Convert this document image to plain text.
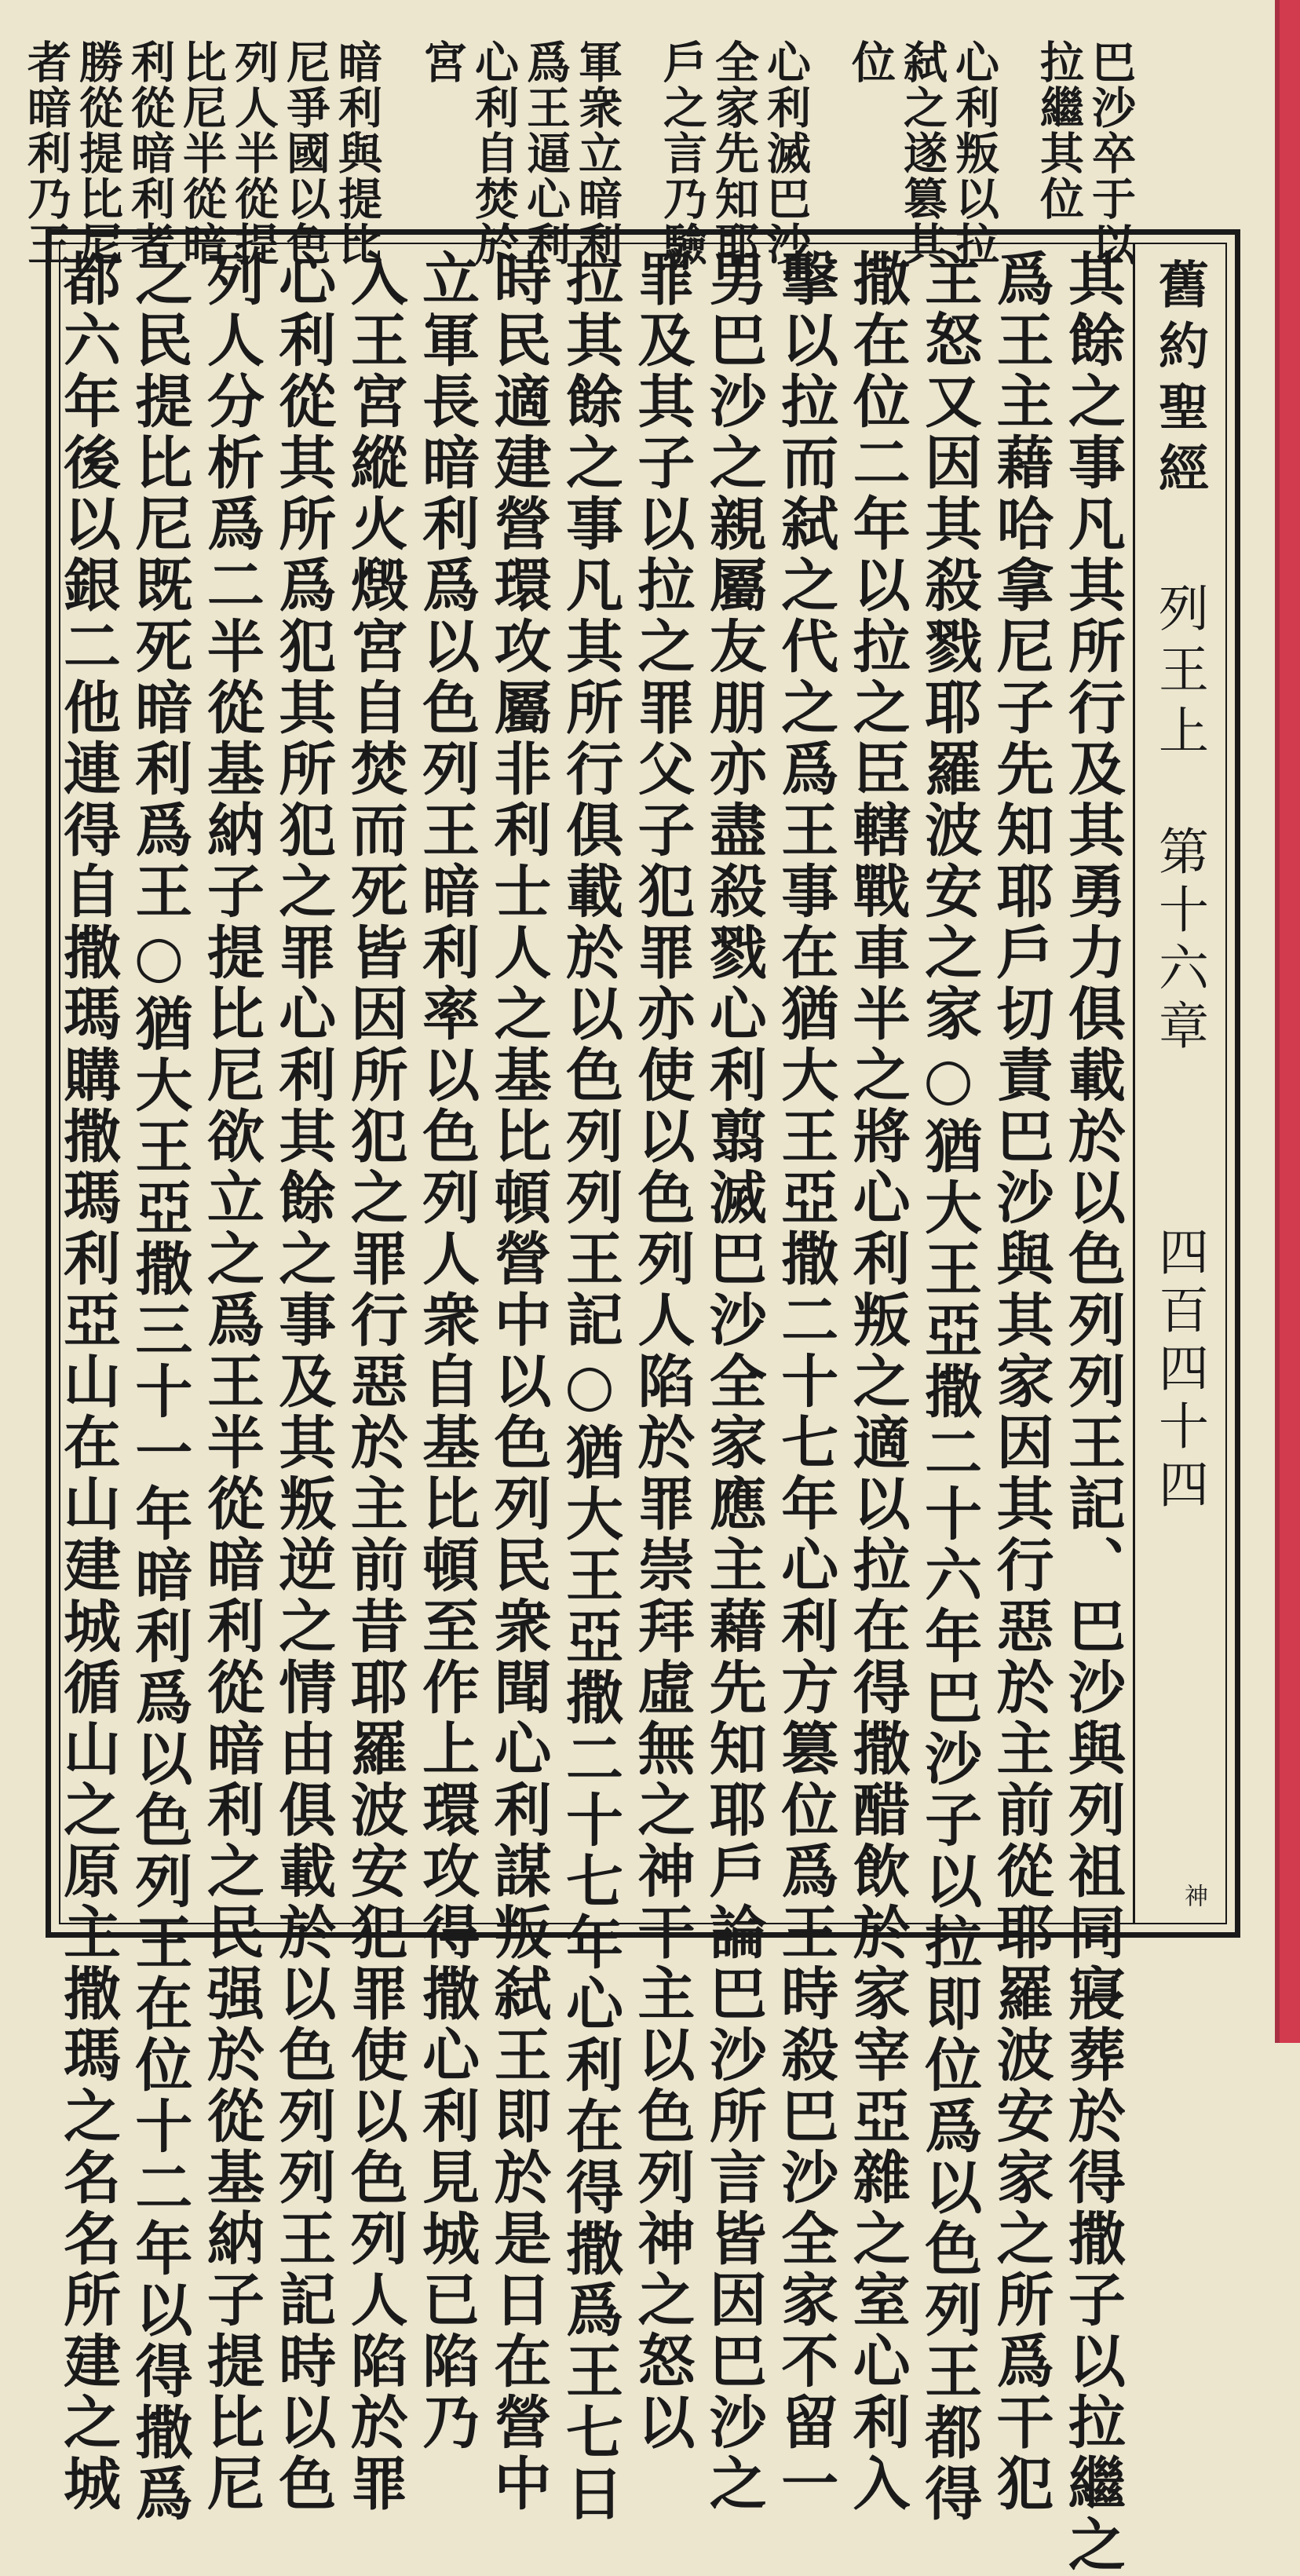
巴沙卒于以
拉繼其位
心利叛以拉
弑之遂篡其
位
心利滅巴沙
全家先知耶
戶之言乃驗
軍衆立暗利
爲王逼心利
心利自焚於
宮
暗利與提比
尼爭國以色
列人半從提
比尼半從暗
利從暗利者
勝從提比尼
者暗利乃王
舊約聖經
列王上
第十六章
四百四十四
神
其餘之事凡其所行及其勇力俱載於以色列列王記、巴沙與列祖同寢葬於得撒子以拉繼之
爲王主藉哈拿尼子先知耶戶切責巴沙與其家因其行惡於主前從耶羅波安家之所爲干犯
主怒又因其殺戮耶羅波安之家○猶大王亞撒二十六年巴沙子以拉即位爲以色列王都得
撒在位二年以拉之臣轄戰車半之將心利叛之適以拉在得撒醋飲於家宰亞雜之室心利入
擊以拉而弑之代之爲王事在猶大王亞撒二十七年心利方篡位爲王時殺巴沙全家不留一
男巴沙之親屬友朋亦盡殺戮心利翦滅巴沙全家應主藉先知耶戶論巴沙所言皆因巴沙之
罪及其子以拉之罪父子犯罪亦使以色列人陷於罪崇拜虛無之神干主以色列神之怒以
拉其餘之事凡其所行俱載於以色列列王記○猶大王亞撒二十七年心利在得撒爲王七日
時民適建營環攻屬非利士人之基比頓營中以色列民衆聞心利謀叛弑王即於是日在營中
立軍長暗利爲以色列王暗利率以色列人衆自基比頓至作上環攻得撒心利見城已陷乃
入王宮縱火燬宮自焚而死皆因所犯之罪行惡於主前昔耶羅波安犯罪使以色列人陷於罪
心利從其所爲犯其所犯之罪心利其餘之事及其叛逆之情由俱載於以色列列王記時以色
列人分析爲二半從基納子提比尼欲立之爲王半從暗利從暗利之民强於從基納子提比尼
之民提比尼既死暗利爲王○猶大王亞撒三十一年暗利爲以色列王在位十二年以得撒爲
都六年後以銀二他連得自撒瑪購撒瑪利亞山在山建城循山之原主撒瑪之名名所建之城
